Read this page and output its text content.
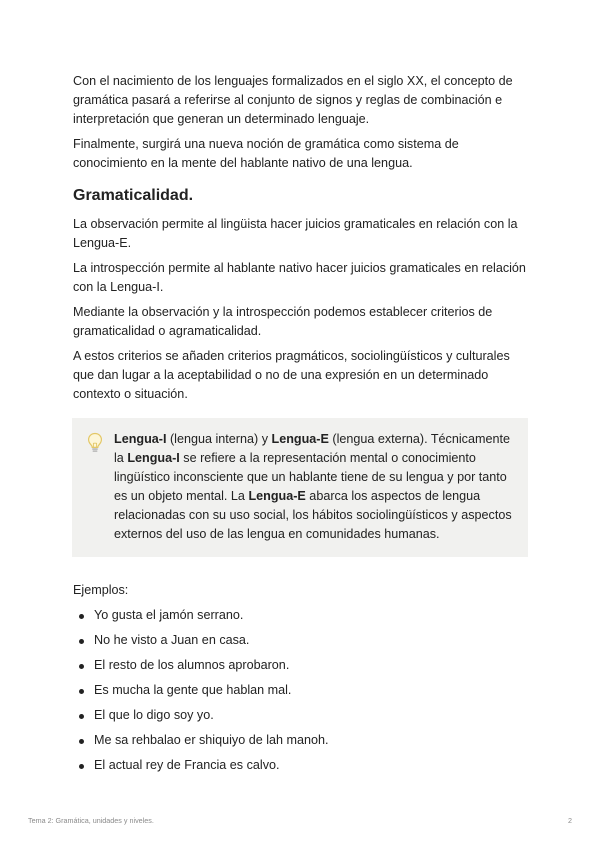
Con el nacimiento de los lenguajes formalizados en el siglo XX, el concepto de gramática pasará a referirse al conjunto de signos y reglas de combinación e interpretación que generan un determinado lenguaje.

Finalmente, surgirá una nueva noción de gramática como sistema de conocimiento en la mente del hablante nativo de una lengua.

Gramaticalidad.

La observación permite al lingüista hacer juicios gramaticales en relación con la Lengua-E.

La introspección permite al hablante nativo hacer juicios gramaticales en relación con la Lengua-I.

Mediante la observación y la introspección podemos establecer criterios de gramaticalidad o agramaticalidad.

A estos criterios se añaden criterios pragmáticos, sociolingüísticos y culturales que dan lugar a la aceptabilidad o no de una expresión en un determinado contexto o situación.

Lengua-I (lengua interna) y Lengua-E (lengua externa). Técnicamente la Lengua-I se refiere a la representación mental o conocimiento lingüístico inconsciente que un hablante tiene de su lengua y por tanto es un objeto mental. La Lengua-E abarca los aspectos de lengua relacionadas con su uso social, los hábitos sociolingüísticos y aspectos externos del uso de las lengua en comunidades humanas.

Ejemplos:

Yo gusta el jamón serrano.
No he visto a Juan en casa.
El resto de los alumnos aprobaron.
Es mucha la gente que hablan mal.
El que lo digo soy yo.
Me sa rehbalao er shiquiyo de lah manoh.
El actual rey de Francia es calvo.
Tema 2: Gramática, unidades y niveles.	2
